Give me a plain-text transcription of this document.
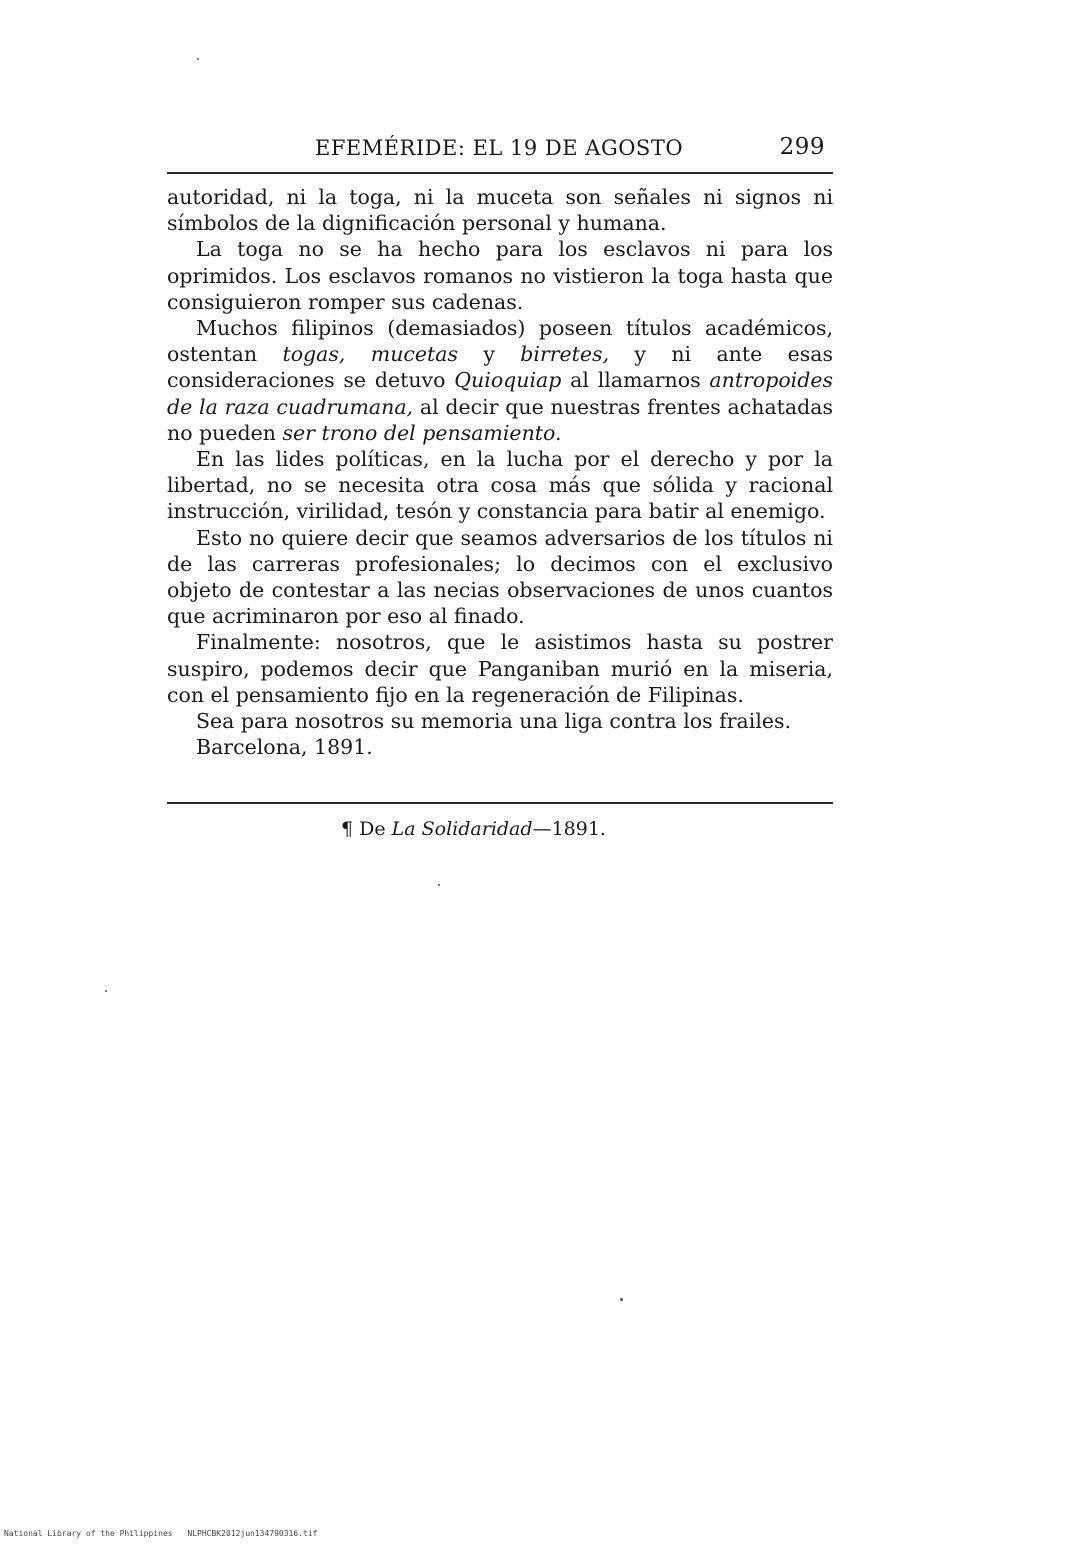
EFEMÉRIDE: EL 19 DE AGOSTO	299

autoridad, ni la toga, ni la muceta son señales ni signos ni símbolos de la dignificación personal y humana.

La toga no se ha hecho para los esclavos ni para los oprimidos. Los esclavos romanos no vistieron la toga hasta que consiguieron romper sus cadenas.

Muchos filipinos (demasiados) poseen títulos académicos, ostentan togas, mucetas y birretes, y ni ante esas consideraciones se detuvo Quioquiap al llamarnos antropoides de la raza cuadrumana, al decir que nuestras frentes achatadas no pueden ser trono del pensamiento.

En las lides políticas, en la lucha por el derecho y por la libertad, no se necesita otra cosa más que sólida y racional instrucción, virilidad, tesón y constancia para batir al enemigo.

Esto no quiere decir que seamos adversarios de los títulos ni de las carreras profesionales; lo decimos con el exclusivo objeto de contestar a las necias observaciones de unos cuantos que acriminaron por eso al finado.

Finalmente: nosotros, que le asistimos hasta su postrer suspiro, podemos decir que Panganiban murió en la miseria, con el pensamiento fijo en la regeneración de Filipinas.

Sea para nosotros su memoria una liga contra los frailes.

Barcelona, 1891.

¶ De La Solidaridad—1891.
National Library of the Philippines NLPHCBK2012jun134790316.tif
